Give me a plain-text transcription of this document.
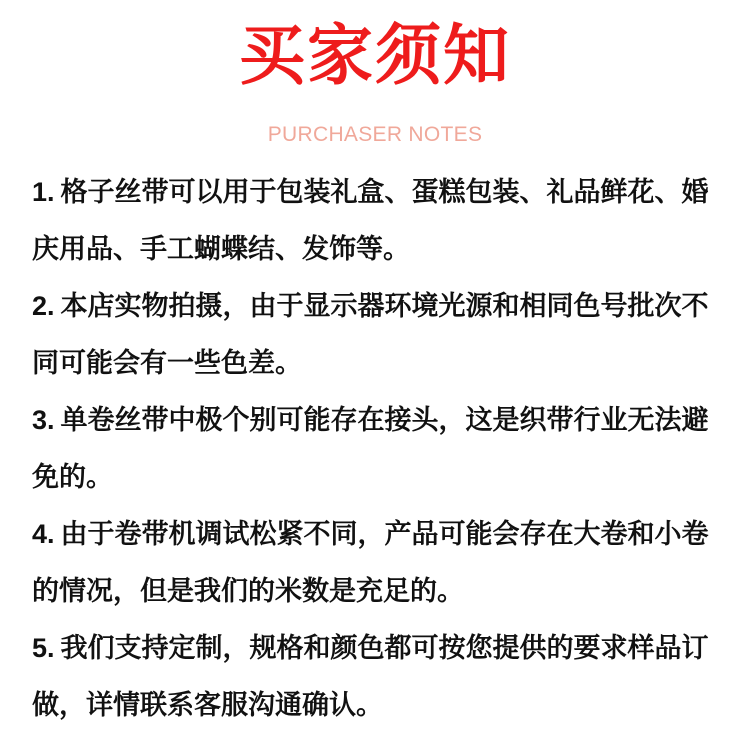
买家须知
PURCHASER NOTES

1. 格子丝带可以用于包装礼盒、蛋糕包装、礼品鲜花、婚庆用品、手工蝴蝶结、发饰等。

2. 本店实物拍摄，由于显示器环境光源和相同色号批次不同可能会有一些色差。

3. 单卷丝带中极个别可能存在接头，这是织带行业无法避免的。

4. 由于卷带机调试松紧不同，产品可能会存在大卷和小卷的情况，但是我们的米数是充足的。

5. 我们支持定制，规格和颜色都可按您提供的要求样品订做，详情联系客服沟通确认。
